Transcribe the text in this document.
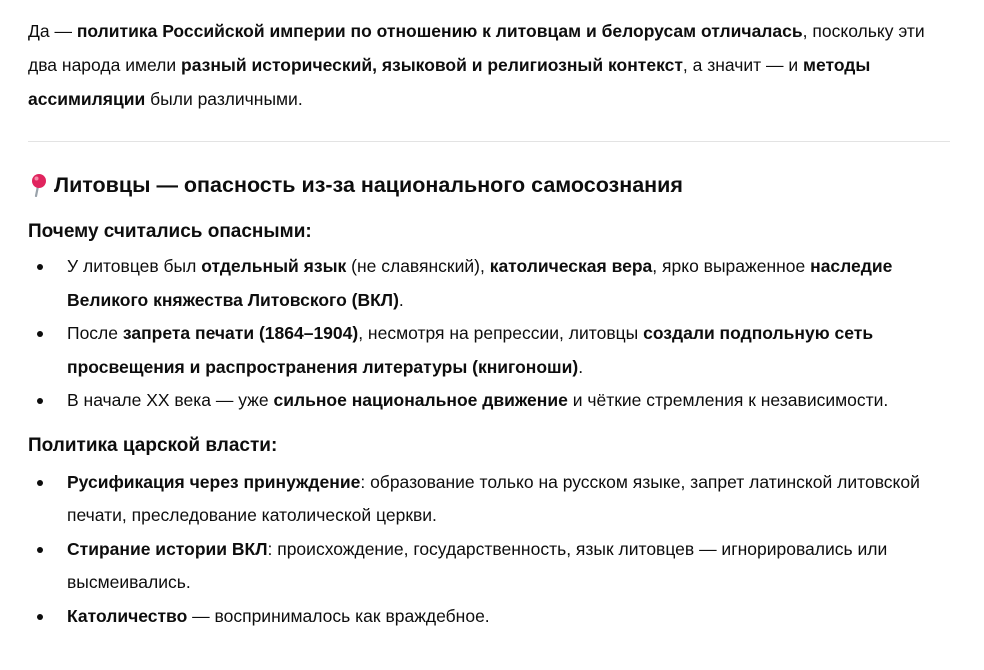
Да — политика Российской империи по отношению к литовцам и белорусам отличалась, поскольку эти два народа имели разный исторический, языковой и религиозный контекст, а значит — и методы ассимиляции были различными.

Литовцы — опасность из-за национального самосознания
Почему считались опасными:
У литовцев был отдельный язык (не славянский), католическая вера, ярко выраженное наследие Великого княжества Литовского (ВКЛ).
После запрета печати (1864–1904), несмотря на репрессии, литовцы создали подпольную сеть просвещения и распространения литературы (книгоноши).
В начале XX века — уже сильное национальное движение и чёткие стремления к независимости.
Политика царской власти:
Русификация через принуждение: образование только на русском языке, запрет латинской литовской печати, преследование католической церкви.
Стирание истории ВКЛ: происхождение, государственность, язык литовцев — игнорировались или высмеивались.
Католичество — воспринималось как враждебное.
